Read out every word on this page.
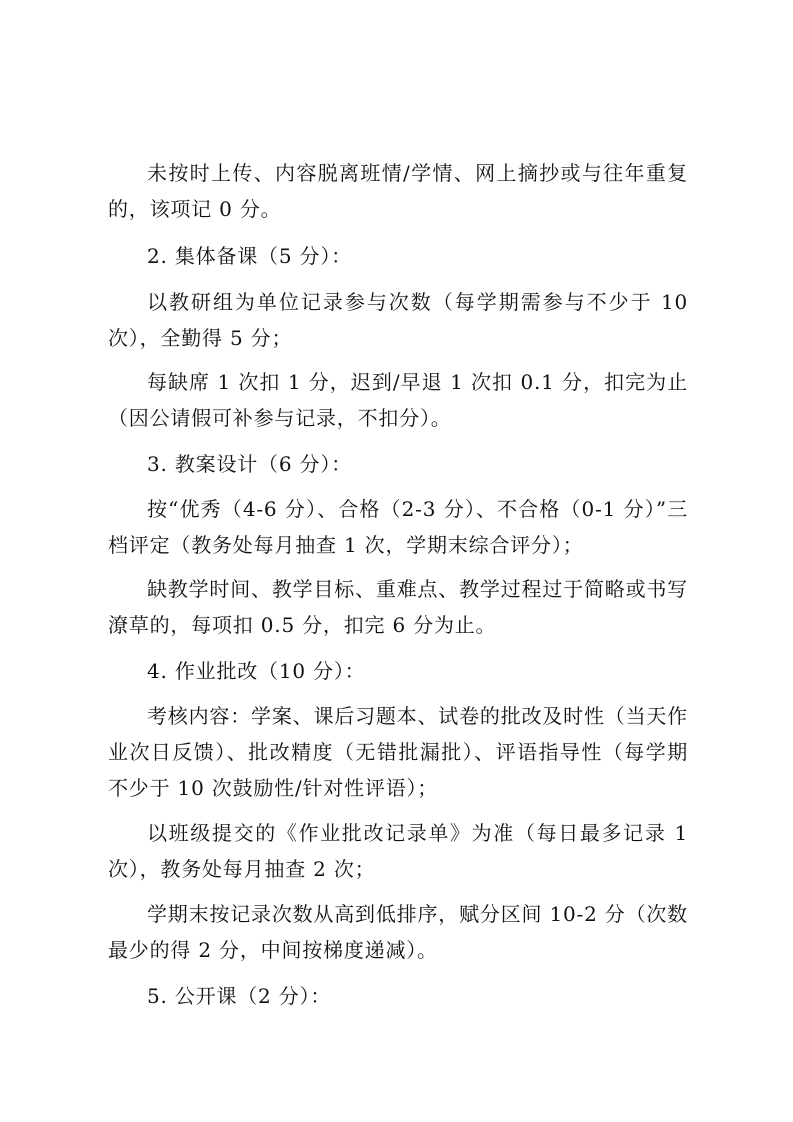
未按时上传、内容脱离班情/学情、网上摘抄或与往年重复的，该项记 0 分。

2. 集体备课（5 分）：

以教研组为单位记录参与次数（每学期需参与不少于 10 次），全勤得 5 分；

每缺席 1 次扣 1 分，迟到/早退 1 次扣 0.1 分，扣完为止（因公请假可补参与记录，不扣分）。

3. 教案设计（6 分）：

按“优秀（4-6 分）、合格（2-3 分）、不合格（0-1 分）”三档评定（教务处每月抽查 1 次，学期末综合评分）；

缺教学时间、教学目标、重难点、教学过程过于简略或书写潦草的，每项扣 0.5 分，扣完 6 分为止。

4. 作业批改（10 分）：

考核内容：学案、课后习题本、试卷的批改及时性（当天作业次日反馈）、批改精度（无错批漏批）、评语指导性（每学期不少于 10 次鼓励性/针对性评语）；

以班级提交的《作业批改记录单》为准（每日最多记录 1 次），教务处每月抽查 2 次；

学期末按记录次数从高到低排序，赋分区间 10-2 分（次数最少的得 2 分，中间按梯度递减）。

5. 公开课（2 分）：
